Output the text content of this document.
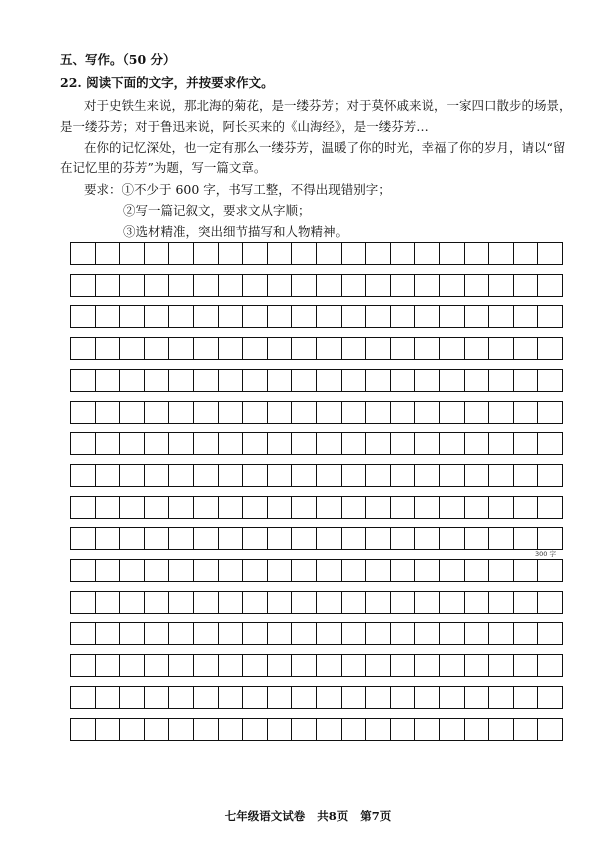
五、写作。（50 分）
22. 阅读下面的文字，并按要求作文。
对于史铁生来说，那北海的菊花，是一缕芬芳；对于莫怀戚来说，一家四口散步的场景，
是一缕芬芳；对于鲁迅来说，阿长买来的《山海经》，是一缕芬芳…
在你的记忆深处，也一定有那么一缕芬芳，温暖了你的时光，幸福了你的岁月，请以“留
在记忆里的芬芳”为题，写一篇文章。
要求：①不少于 600 字，书写工整，不得出现错别字；
②写一篇记叙文，要求文从字顺；
③选材精准，突出细节描写和人物精神。
300 字
七年级语文试卷 共8页 第7页
